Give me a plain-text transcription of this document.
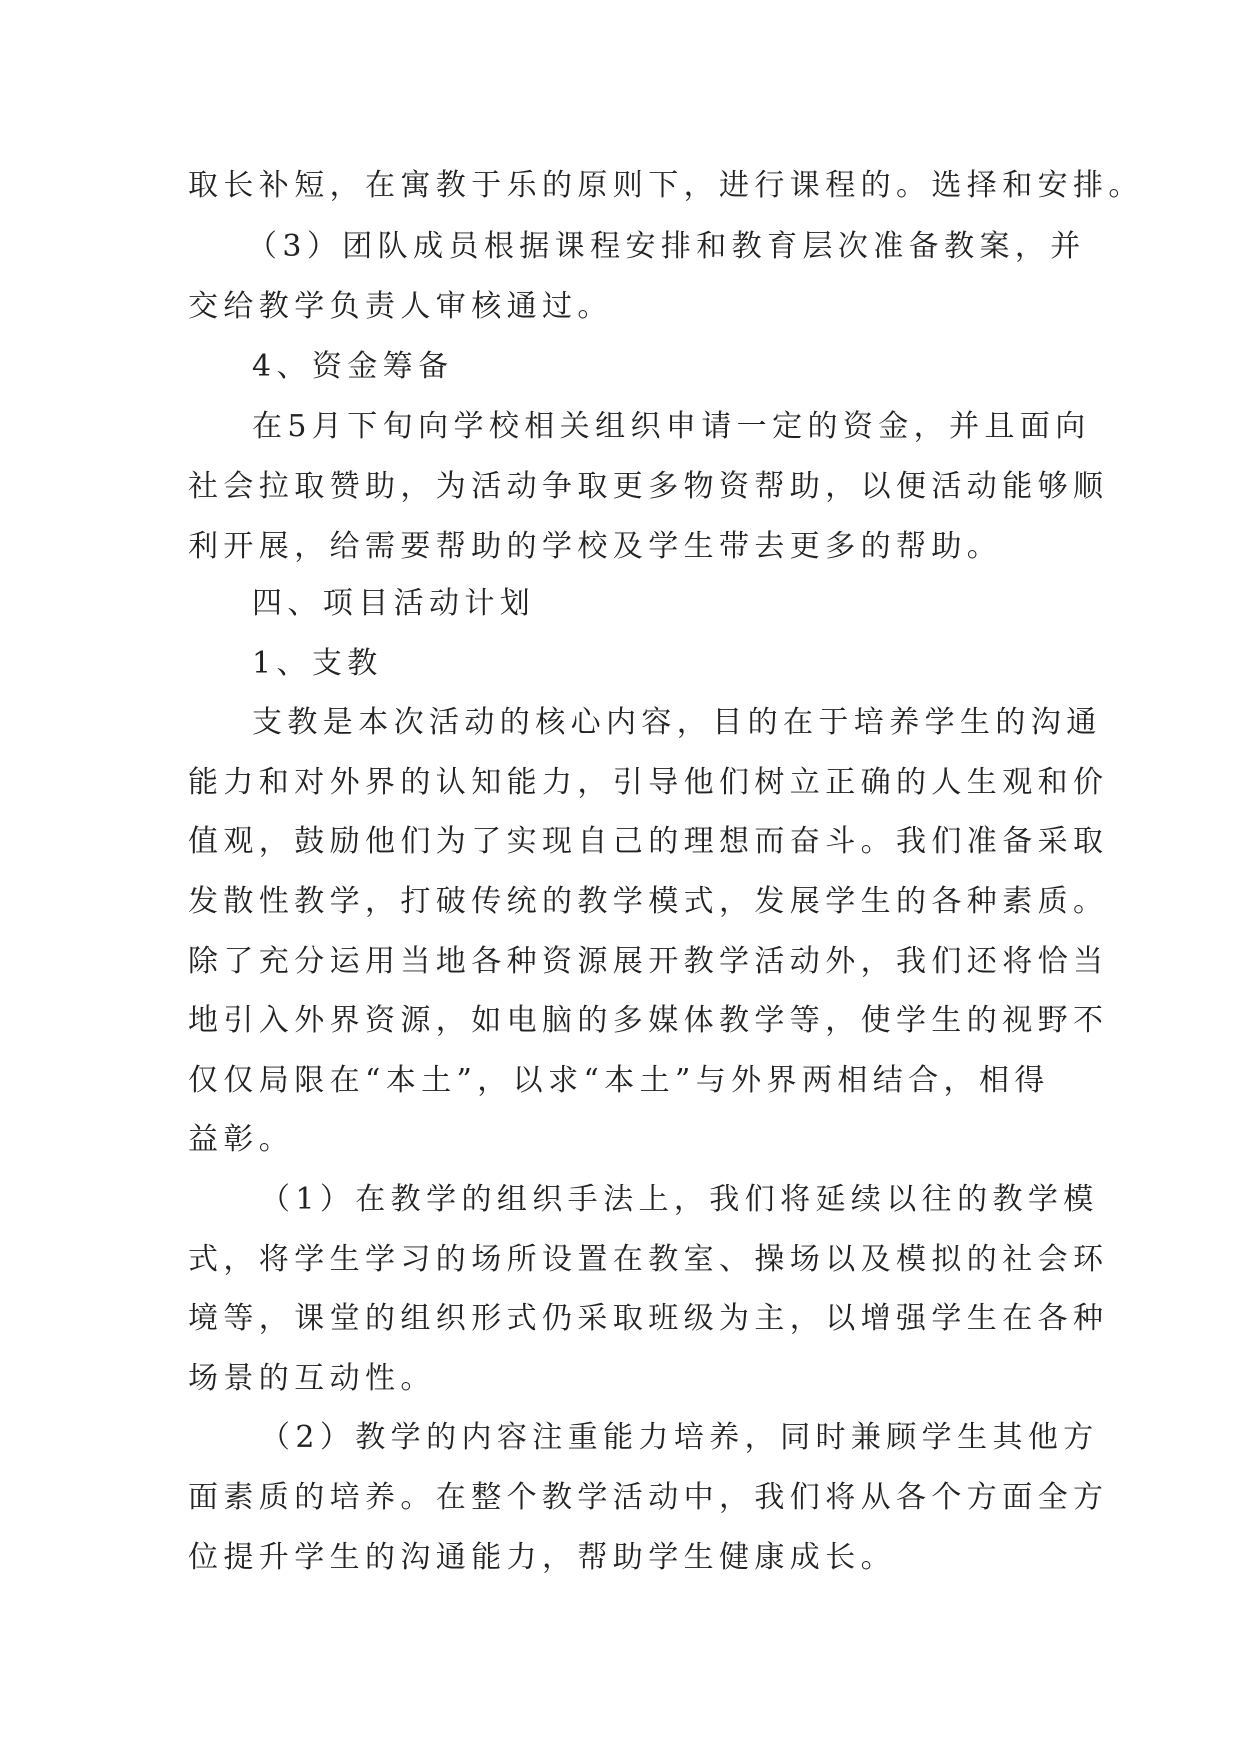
取长补短，在寓教于乐的原则下，进行课程的。选择和安排。
（3）团队成员根据课程安排和教育层次准备教案，并
交给教学负责人审核通过。
4、资金筹备
在5月下旬向学校相关组织申请一定的资金，并且面向
社会拉取赞助，为活动争取更多物资帮助，以便活动能够顺
利开展，给需要帮助的学校及学生带去更多的帮助。
四、项目活动计划
1、支教
支教是本次活动的核心内容，目的在于培养学生的沟通
能力和对外界的认知能力，引导他们树立正确的人生观和价
值观，鼓励他们为了实现自己的理想而奋斗。我们准备采取
发散性教学，打破传统的教学模式，发展学生的各种素质。
除了充分运用当地各种资源展开教学活动外，我们还将恰当
地引入外界资源，如电脑的多媒体教学等，使学生的视野不
仅仅局限在“本土”，以求“本土”与外界两相结合，相得
益彰。
（1）在教学的组织手法上，我们将延续以往的教学模
式，将学生学习的场所设置在教室、操场以及模拟的社会环
境等，课堂的组织形式仍采取班级为主，以增强学生在各种
场景的互动性。
（2）教学的内容注重能力培养，同时兼顾学生其他方
面素质的培养。在整个教学活动中，我们将从各个方面全方
位提升学生的沟通能力，帮助学生健康成长。
